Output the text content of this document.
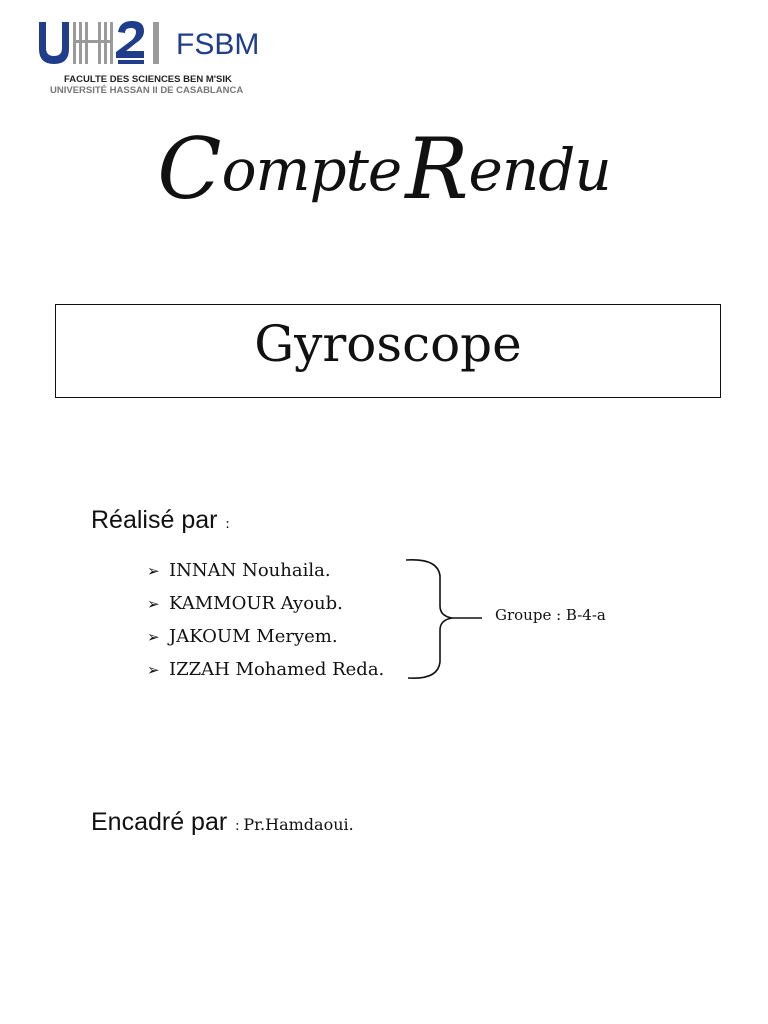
FSBM
FACULTE DES SCIENCES BEN M'SIK
UNIVERSITÉ HASSAN II DE CASABLANCA
CompteRendu
Gyroscope
Réalisé par :
➢ INNAN Nouhaila.
➢ KAMMOUR Ayoub.
➢ JAKOUM Meryem.
➢ IZZAH Mohamed Reda.
Groupe : B-4-a
Encadré par : Pr.Hamdaoui.
